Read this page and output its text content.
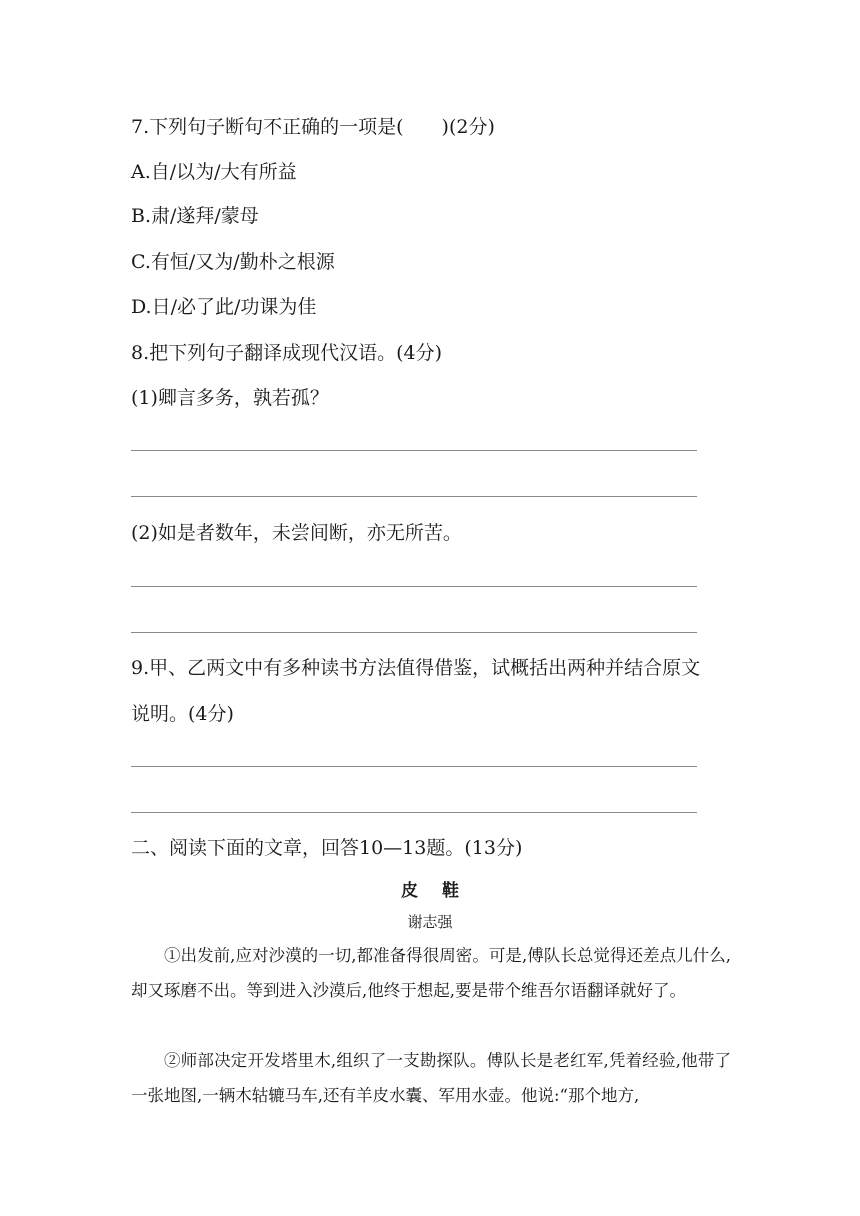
7.下列句子断句不正确的一项是(　　)(2分)
A.自/以为/大有所益
B.肃/遂拜/蒙母
C.有恒/又为/勤朴之根源
D.日/必了此/功课为佳
8.把下列句子翻译成现代汉语。(4分)
(1)卿言多务，孰若孤？
(2)如是者数年，未尝间断，亦无所苦。
9.甲、乙两文中有多种读书方法值得借鉴，试概括出两种并结合原文
说明。(4分)
二、阅读下面的文章，回答10—13题。(13分)
皮鞋
谢志强
①出发前,应对沙漠的一切,都准备得很周密。可是,傅队长总觉得还差点儿什么,却又琢磨不出。等到进入沙漠后,他终于想起,要是带个维吾尔语翻译就好了。
②师部决定开发塔里木,组织了一支勘探队。傅队长是老红军,凭着经验,他带了一张地图,一辆木轱辘马车,还有羊皮水囊、军用水壶。他说:“那个地方,
